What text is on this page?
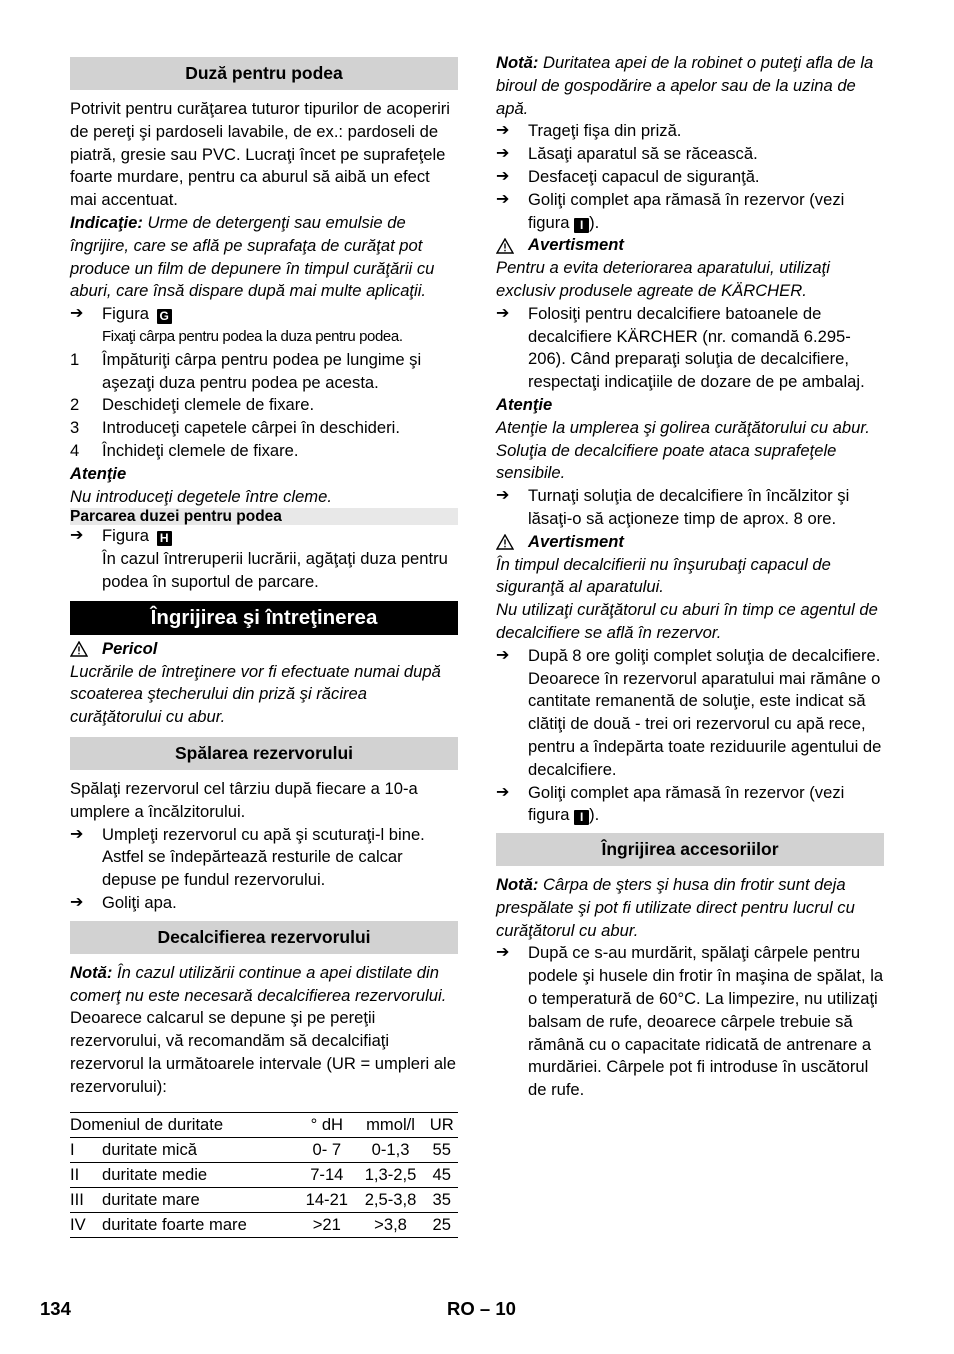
Duză pentru podea

Potrivit pentru curăţarea tuturor tipurilor de acoperiri de pereţi şi pardoseli lavabile, de ex.: pardoseli de piatră, gresie sau PVC. Lucraţi încet pe suprafeţele foarte murdare, pentru ca aburul să aibă un efect mai accentuat.

Indicaţie: Urme de detergenţi sau emulsie de îngrijire, care se află pe suprafaţa de curăţat pot produce un film de depunere în timpul curăţării cu aburi, care însă dispare după mai multe aplicaţii.

➔	Figura G
Fixaţi cârpa pentru podea la duza pentru podea.
1	Împăturiţi cârpa pentru podea pe lungime şi aşezaţi duza pentru podea pe acesta.
2	Deschideţi clemele de fixare.
3	Introduceţi capetele cârpei în deschideri.
4	Închideţi clemele de fixare.

Atenţie

Nu introduceţi degetele între cleme.

Parcarea duzei pentru podea
➔	Figura H
În cazul întreruperii lucrării, agăţaţi duza pentru podea în suportul de parcare.
Îngrijirea şi întreţinerea
Pericol

Lucrările de întreţinere vor fi efectuate numai după scoaterea ştecherului din priză şi răcirea curăţătorului cu abur.

Spălarea rezervorului

Spălaţi rezervorul cel târziu după fiecare a 10-a umplere a încălzitorului.

➔	Umpleţi rezervorul cu apă şi scuturaţi-l bine. Astfel se îndepărtează resturile de calcar depuse pe fundul rezervorului.
➔	Goliţi apa.
Decalcifierea rezervorului

Notă: În cazul utilizării continue a apei distilate din comerţ nu este necesară decalcifierea rezervorului.

Deoarece calcarul se depune şi pe pereţii rezervorului, vă recomandăm să decalcifiaţi rezervorul la următoarele intervale (UR = umpleri ale rezervorului):

Domeniul de duritate		° dH	mmol/l	UR
I	duritate mică	0- 7	0-1,3	55
II	duritate medie	7-14	1,3-2,5	45
III	duritate mare	14-21	2,5-3,8	35
IV	duritate foarte mare	>21	>3,8	25

Notă: Duritatea apei de la robinet o puteţi afla de la biroul de gospodărire a apelor sau de la uzina de apă.

➔	Trageţi fişa din priză.
➔	Lăsaţi aparatul să se răcească.
➔	Desfaceţi capacul de siguranţă.
➔	Goliţi complet apa rămasă în rezervor (vezi figura I ).
Avertisment

Pentru a evita deteriorarea aparatului, utilizaţi exclusiv produsele agreate de KÄRCHER.

➔	Folosiţi pentru decalcifiere batoanele de decalcifiere KÄRCHER (nr. comandă 6.295-206). Când preparaţi soluţia de decalcifiere, respectaţi indicaţiile de dozare de pe ambalaj.

Atenţie

Atenţie la umplerea şi golirea curăţătorului cu abur. Soluţia de decalcifiere poate ataca suprafeţele sensibile.

➔	Turnaţi soluţia de decalcifiere în încălzitor şi lăsaţi-o să acţioneze timp de aprox. 8 ore.
Avertisment

În timpul decalcifierii nu înşurubaţi capacul de siguranţă al aparatului.

Nu utilizaţi curăţătorul cu aburi în timp ce agentul de decalcifiere se află în rezervor.

➔	După 8 ore goliţi complet soluţia de decalcifiere. Deoarece în rezervorul aparatului mai rămâne o cantitate remanentă de soluţie, este indicat să clătiţi de două - trei ori rezervorul cu apă rece, pentru a îndepărta toate reziduurile agentului de decalcifiere.
➔	Goliţi complet apa rămasă în rezervor (vezi figura I ).
Îngrijirea accesoriilor

Notă: Cârpa de şters şi husa din frotir sunt deja prespălate şi pot fi utilizate direct pentru lucrul cu curăţătorul cu abur.

➔	După ce s-au murdărit, spălaţi cârpele pentru podele şi husele din frotir în maşina de spălat, la o temperatură de 60°C. La limpezire, nu utilizaţi balsam de rufe, deoarece cârpele trebuie să rămână cu o capacitate ridicată de antrenare a murdăriei. Cârpele pot fi introduse în uscătorul de rufe.
134	RO – 10
